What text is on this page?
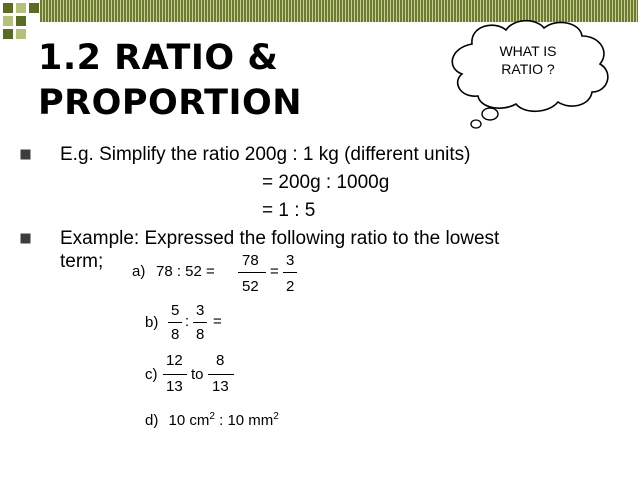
1.2 RATIO &
PROPORTION
WHAT IS
RATIO ?
E.g. Simplify the ratio 200g : 1 kg (different units)
= 200g : 1000g
= 1 : 5
Example: Expressed the following ratio to the lowest
term; a) 78 : 52 =
78
52
=
3
2
b)
5
8
:
3
8
=
c)
12
13
to
8
13
d) 10 $cm^2$ : 10 $mm^2$
